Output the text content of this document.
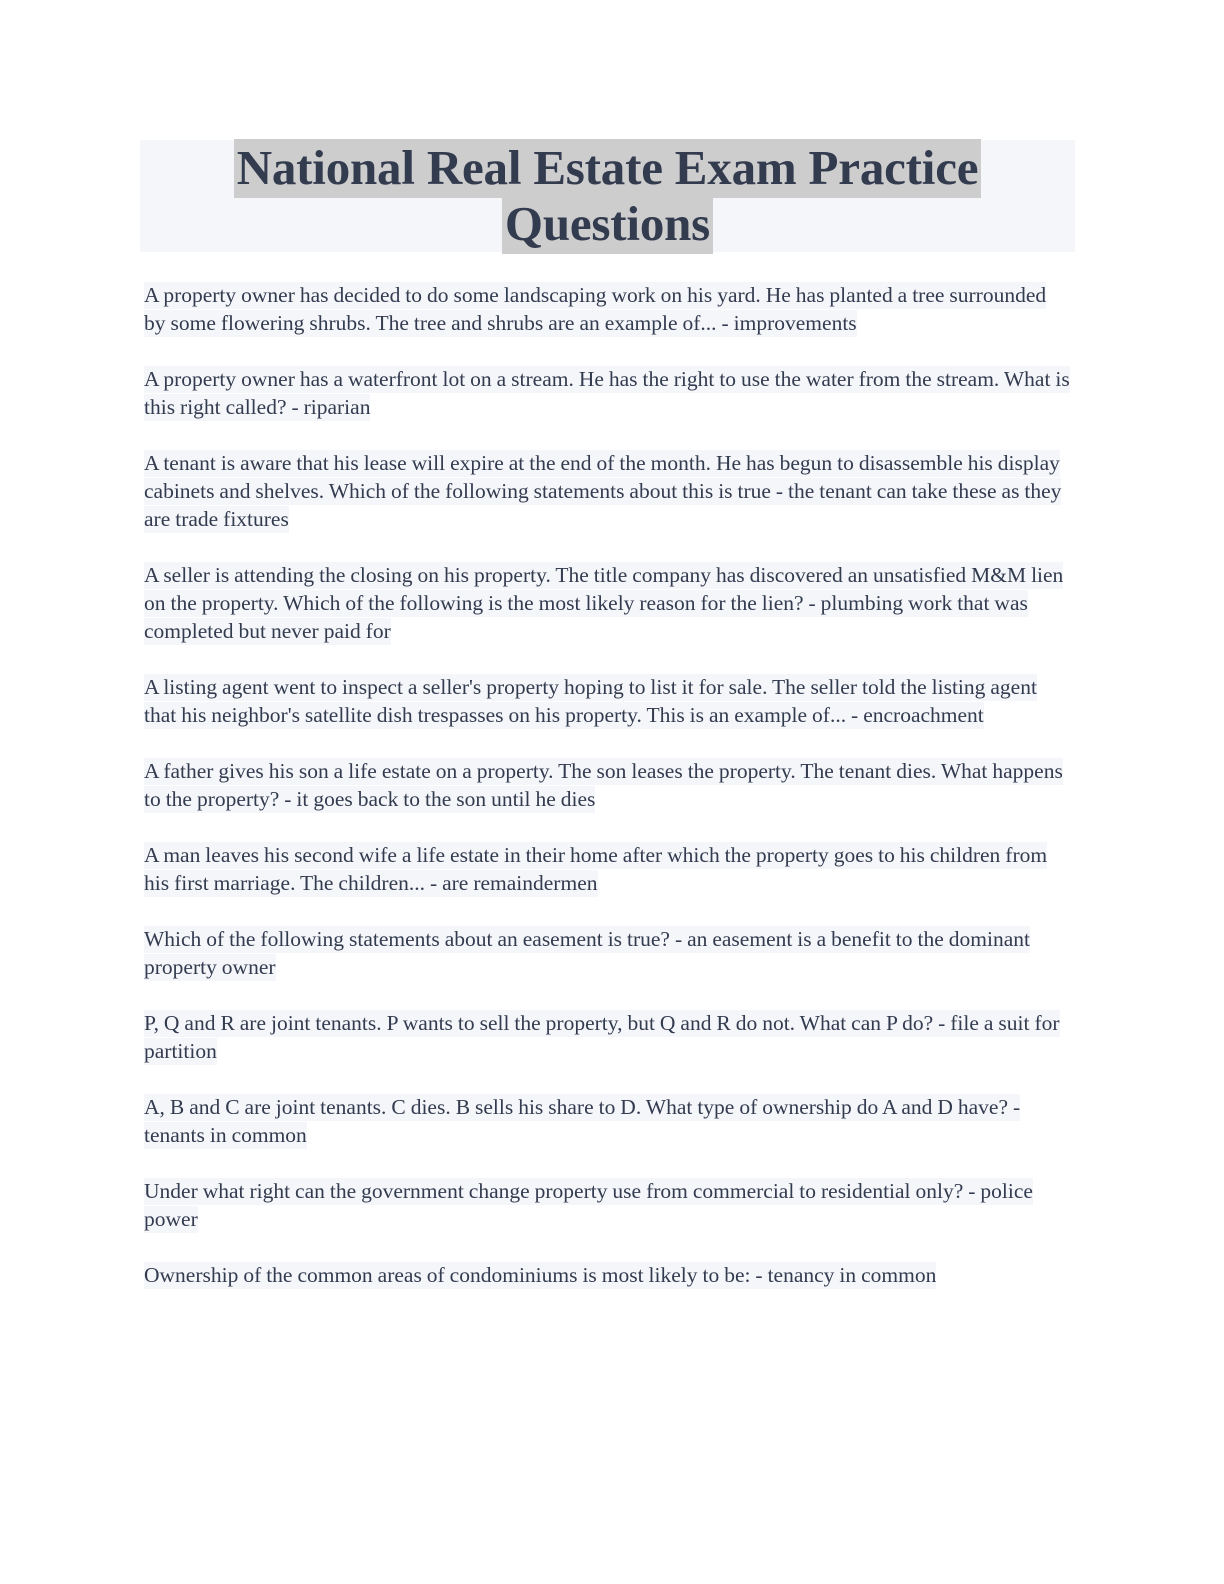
National Real Estate Exam Practice
Questions

A property owner has decided to do some landscaping work on his yard. He has planted a tree surrounded by some flowering shrubs. The tree and shrubs are an example of... - improvements

A property owner has a waterfront lot on a stream. He has the right to use the water from the stream. What is this right called? - riparian

A tenant is aware that his lease will expire at the end of the month. He has begun to disassemble his display cabinets and shelves. Which of the following statements about this is true - the tenant can take these as they are trade fixtures

A seller is attending the closing on his property. The title company has discovered an unsatisfied M&M lien on the property. Which of the following is the most likely reason for the lien? - plumbing work that was completed but never paid for

A listing agent went to inspect a seller's property hoping to list it for sale. The seller told the listing agent that his neighbor's satellite dish trespasses on his property. This is an example of... - encroachment

A father gives his son a life estate on a property. The son leases the property. The tenant dies. What happens to the property? - it goes back to the son until he dies

A man leaves his second wife a life estate in their home after which the property goes to his children from his first marriage. The children... - are remaindermen

Which of the following statements about an easement is true? - an easement is a benefit to the dominant property owner

P, Q and R are joint tenants. P wants to sell the property, but Q and R do not. What can P do? - file a suit for partition

A, B and C are joint tenants. C dies. B sells his share to D. What type of ownership do A and D have? - tenants in common

Under what right can the government change property use from commercial to residential only? - police power

Ownership of the common areas of condominiums is most likely to be: - tenancy in common
